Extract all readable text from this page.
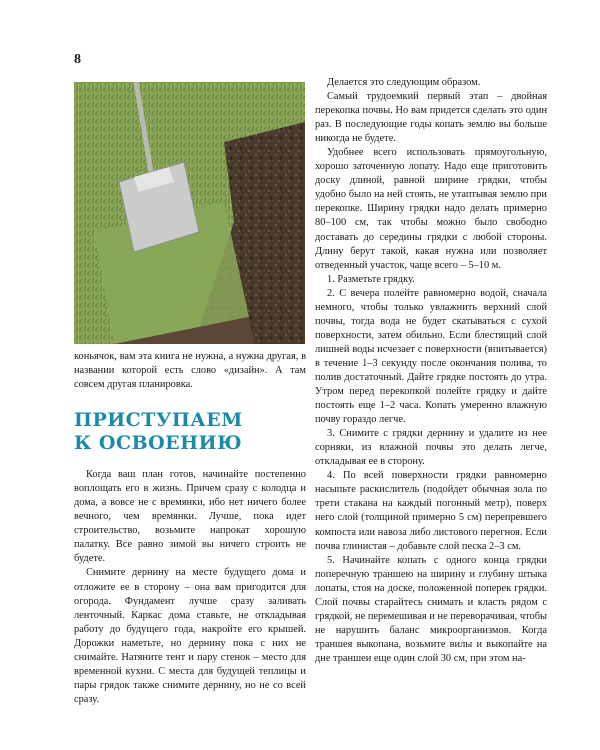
8

коньячок, вам эта книга не нужна, а нужна другая, в названии которой есть слово «дизайн». А там совсем другая планировка.

ПРИСТУПАЕМ
К ОСВОЕНИЮ

Когда ваш план готов, начинайте постепенно воплощать его в жизнь. Причем сразу с колодца и дома, а вовсе не с времянки, ибо нет ничего более вечного, чем времянки. Лучше, пока идет строительство, возьмите напрокат хорошую палатку. Все равно зимой вы ничего строить не будете.

Снимите дернину на месте будущего дома и отложите ее в сторону – она вам пригодится для огорода. Фундамент лучше сразу заливать ленточный. Каркас дома ставьте, не откладывая работу до будущего года, накройте его крышей. Дорожки наметьте, но дернину пока с них не снимайте. Натяните тент и пару стенок – место для временной кухни. С места для будущей теплицы и пары грядок также снимите дернину, но не со всей сразу.

Делается это следующим образом.

Самый трудоемкий первый этап – двойная перекопка почвы. Но вам придется сделать это один раз. В последующие годы копать землю вы больше никогда не будете.

Удобнее всего использовать прямоугольную, хорошо заточенную лопату. Надо еще приготовить доску длиной, равной ширине грядки, чтобы удобно было на ней стоять, не утаптывая землю при перекопке. Ширину грядки надо делать примерно 80–100 см, так чтобы можно было свободно доставать до середины грядки с любой стороны. Длину берут такой, какая нужна или позволяет отведенный участок, чаще всего – 5–10 м.

1. Разметьте грядку.

2. С вечера полейте равномерно водой, сначала немного, чтобы только увлажнить верхний слой почвы, тогда вода не будет скатываться с сухой поверхности, затем обильно. Если блестящий слой лишней воды исчезает с поверхности (впитывается) в течение 1–3 секунду после окончания полива, то полив достаточный. Дайте грядке постоять до утра. Утром перед перекопкой полейте грядку и дайте постоять еще 1–2 часа. Копать умеренно влажную почву гораздо легче.

3. Снимите с грядки дернину и удалите из нее сорняки, из влажной почвы это делать легче, откладывая ее в сторону.

4. По всей поверхности грядки равномерно насыпьте раскислитель (подойдет обычная зола по трети стакана на каждый погонный метр), поверх него слой (толщиной примерно 5 см) перепревшего компоста или навоза либо листового перегноя. Если почва глинистая – добавьте слой песка 2–3 см.

5. Начинайте копать с одного конца грядки поперечную траншею на ширину и глубину штыка лопаты, стоя на доске, положенной поперек грядки. Слой почвы старайтесь снимать и класть рядом с грядкой, не перемешивая и не переворачивая, чтобы не нарушить баланс микроорганизмов. Когда траншея выкопана, возьмите вилы и выкопайте на дне траншеи еще один слой 30 см, при этом на-
